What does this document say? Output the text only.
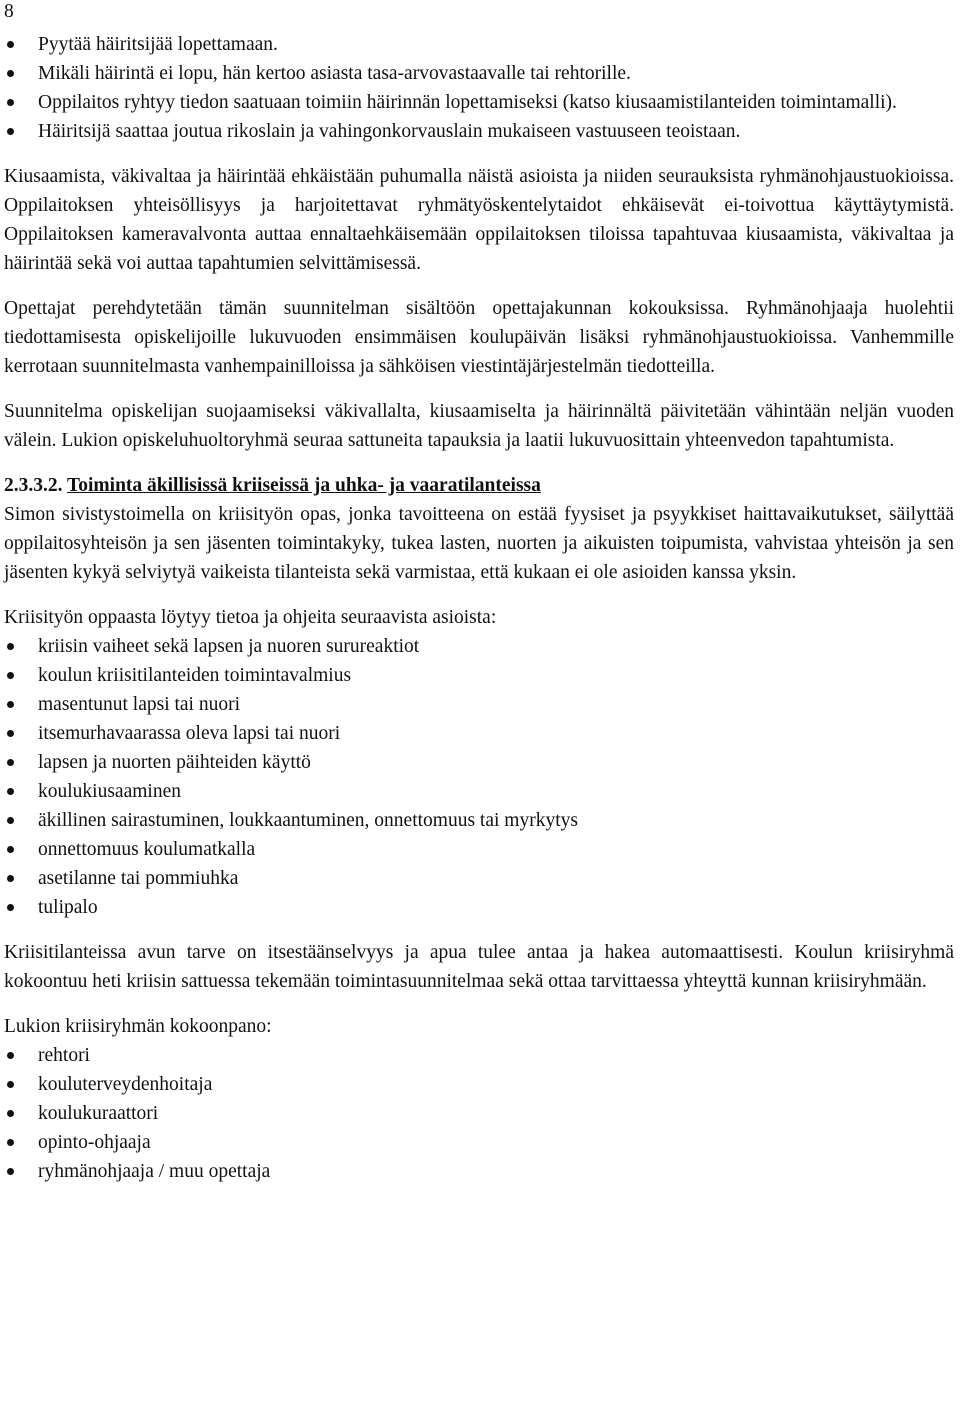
8
Pyytää häiritsijää lopettamaan.
Mikäli häirintä ei lopu, hän kertoo asiasta tasa-arvovastaavalle tai rehtorille.
Oppilaitos ryhtyy tiedon saatuaan toimiin häirinnän lopettamiseksi (katso kiusaamistilanteiden toimintamalli).
Häiritsijä saattaa joutua rikoslain ja vahingonkorvauslain mukaiseen vastuuseen teoistaan.

Kiusaamista, väkivaltaa ja häirintää ehkäistään puhumalla näistä asioista ja niiden seurauksista ryhmänohjaustuokioissa. Oppilaitoksen yhteisöllisyys ja harjoitettavat ryhmätyöskentelytaidot ehkäisevät ei-toivottua käyttäytymistä. Oppilaitoksen kameravalvonta auttaa ennaltaehkäisemään oppilaitoksen tiloissa tapahtuvaa kiusaamista, väkivaltaa ja häirintää sekä voi auttaa tapahtumien selvittämisessä.

Opettajat perehdytetään tämän suunnitelman sisältöön opettajakunnan kokouksissa. Ryhmänohjaaja huolehtii tiedottamisesta opiskelijoille lukuvuoden ensimmäisen koulupäivän lisäksi ryhmänohjaustuokioissa. Vanhemmille kerrotaan suunnitelmasta vanhempainilloissa ja sähköisen viestintäjärjestelmän tiedotteilla.

Suunnitelma opiskelijan suojaamiseksi väkivallalta, kiusaamiselta ja häirinnältä päivitetään vähintään neljän vuoden välein. Lukion opiskeluhuoltoryhmä seuraa sattuneita tapauksia ja laatii lukuvuosittain yhteenvedon tapahtumista.

2.3.3.2. Toiminta äkillisissä kriiseissä ja uhka- ja vaaratilanteissa

Simon sivistystoimella on kriisityön opas, jonka tavoitteena on estää fyysiset ja psyykkiset haittavaikutukset, säilyttää oppilaitosyhteisön ja sen jäsenten toimintakyky, tukea lasten, nuorten ja aikuisten toipumista, vahvistaa yhteisön ja sen jäsenten kykyä selviytyä vaikeista tilanteista sekä varmistaa, että kukaan ei ole asioiden kanssa yksin.

Kriisityön oppaasta löytyy tietoa ja ohjeita seuraavista asioista:

kriisin vaiheet sekä lapsen ja nuoren surureaktiot
koulun kriisitilanteiden toimintavalmius
masentunut lapsi tai nuori
itsemurhavaarassa oleva lapsi tai nuori
lapsen ja nuorten päihteiden käyttö
koulukiusaaminen
äkillinen sairastuminen, loukkaantuminen, onnettomuus tai myrkytys
onnettomuus koulumatkalla
asetilanne tai pommiuhka
tulipalo

Kriisitilanteissa avun tarve on itsestäänselvyys ja apua tulee antaa ja hakea automaattisesti. Koulun kriisiryhmä kokoontuu heti kriisin sattuessa tekemään toimintasuunnitelmaa sekä ottaa tarvittaessa yhteyttä kunnan kriisiryhmään.

Lukion kriisiryhmän kokoonpano:

rehtori
kouluterveydenhoitaja
koulukuraattori
opinto-ohjaaja
ryhmänohjaaja / muu opettaja
